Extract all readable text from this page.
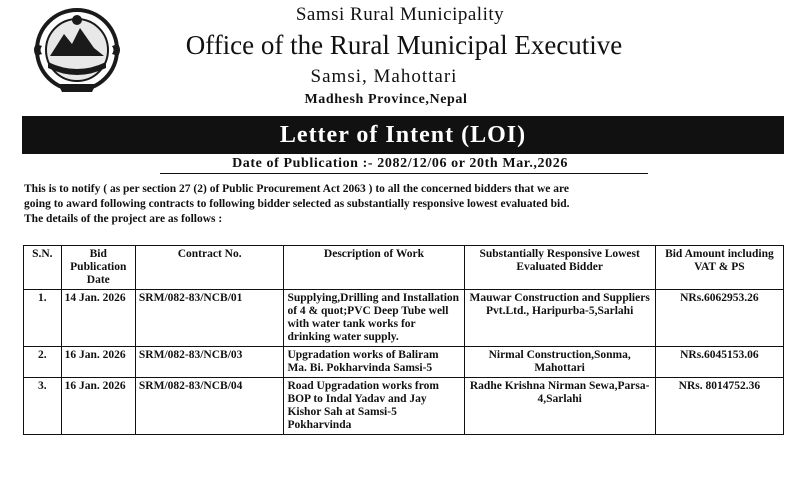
Samsi Rural Municipality
Office of the Rural Municipal Executive
Samsi, Mahottari
Madhesh Province,Nepal
Letter of Intent (LOI)
Date of Publication :- 2082/12/06 or 20th Mar.,2026

This is to notify ( as per section 27 (2) of Public Procurement Act 2063 ) to all the concerned bidders that we are

going to award following contracts to following bidder selected as substantially responsive lowest evaluated bid.

The details of the project are as follows :

S.N.	Bid Publication Date	Contract No.	Description of Work	Substantially Responsive Lowest Evaluated Bidder	Bid Amount including VAT & PS
1.	14 Jan. 2026	SRM/082-83/NCB/01	Supplying,Drilling and Installation of 4 & quot;PVC Deep Tube well with water tank works for drinking water supply.	Mauwar Construction and Suppliers Pvt.Ltd., Haripurba-5,Sarlahi	NRs.6062953.26
2.	16 Jan. 2026	SRM/082-83/NCB/03	Upgradation works of Baliram Ma. Bi. Pokharvinda Samsi-5	Nirmal Construction,Sonma, Mahottari	NRs.6045153.06
3.	16 Jan. 2026	SRM/082-83/NCB/04	Road Upgradation works from BOP to Indal Yadav and Jay Kishor Sah at Samsi-5 Pokharvinda	Radhe Krishna Nirman Sewa,Parsa-4,Sarlahi	NRs. 8014752.36
